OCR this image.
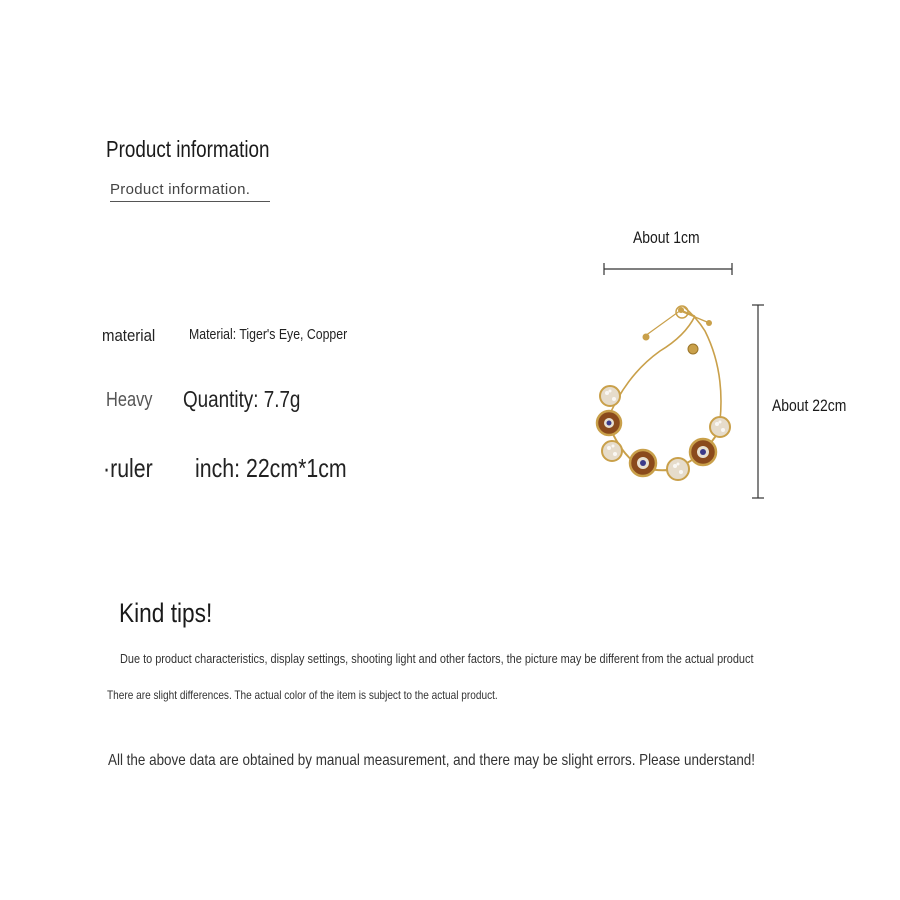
Product information
Product information.
material Material: Tiger's Eye, Copper
Heavy Quantity: 7.7g
·ruler inch: 22cm*1cm
About 1cm
About 22cm
Kind tips!
Due to product characteristics, display settings, shooting light and other factors, the picture may be different from the actual product
There are slight differences. The actual color of the item is subject to the actual product.
All the above data are obtained by manual measurement, and there may be slight errors. Please understand!
